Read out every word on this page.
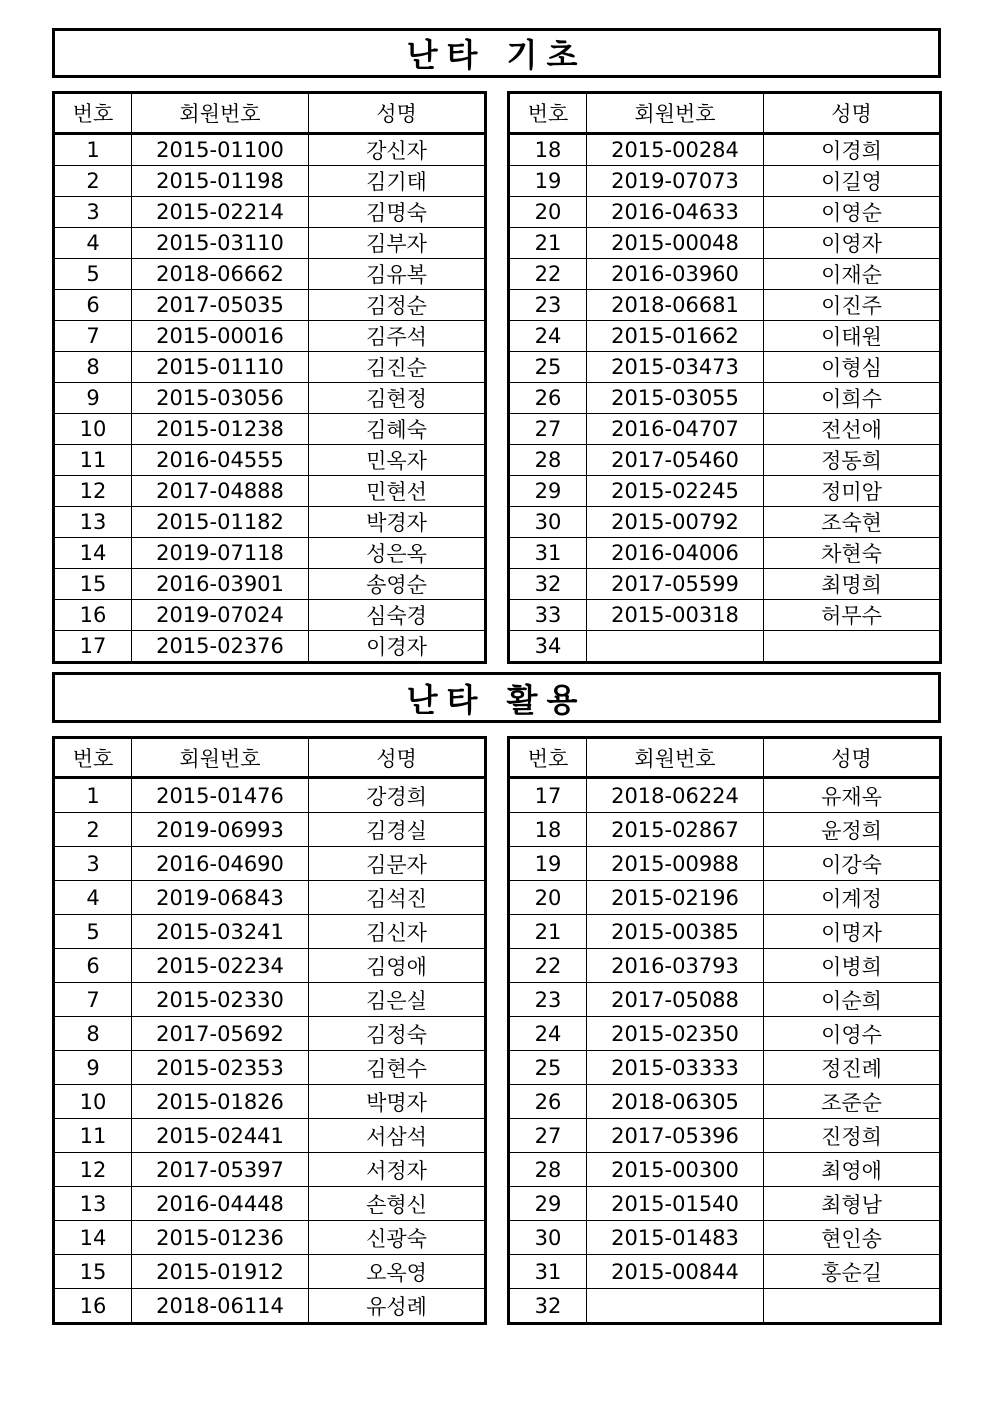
난타 기초
번호	회원번호	성명
1	2015-01100	강신자
2	2015-01198	김기태
3	2015-02214	김명숙
4	2015-03110	김부자
5	2018-06662	김유복
6	2017-05035	김정순
7	2015-00016	김주석
8	2015-01110	김진순
9	2015-03056	김현정
10	2015-01238	김혜숙
11	2016-04555	민옥자
12	2017-04888	민현선
13	2015-01182	박경자
14	2019-07118	성은옥
15	2016-03901	송영순
16	2019-07024	심숙경
17	2015-02376	이경자
번호	회원번호	성명
18	2015-00284	이경희
19	2019-07073	이길영
20	2016-04633	이영순
21	2015-00048	이영자
22	2016-03960	이재순
23	2018-06681	이진주
24	2015-01662	이태원
25	2015-03473	이형심
26	2015-03055	이희수
27	2016-04707	전선애
28	2017-05460	정동희
29	2015-02245	정미암
30	2015-00792	조숙현
31	2016-04006	차현숙
32	2017-05599	최명희
33	2015-00318	허무수
34		
난타 활용
번호	회원번호	성명
1	2015-01476	강경희
2	2019-06993	김경실
3	2016-04690	김문자
4	2019-06843	김석진
5	2015-03241	김신자
6	2015-02234	김영애
7	2015-02330	김은실
8	2017-05692	김정숙
9	2015-02353	김현수
10	2015-01826	박명자
11	2015-02441	서삼석
12	2017-05397	서정자
13	2016-04448	손형신
14	2015-01236	신광숙
15	2015-01912	오옥영
16	2018-06114	유성례
번호	회원번호	성명
17	2018-06224	유재옥
18	2015-02867	윤정희
19	2015-00988	이강숙
20	2015-02196	이계정
21	2015-00385	이명자
22	2016-03793	이병희
23	2017-05088	이순희
24	2015-02350	이영수
25	2015-03333	정진례
26	2018-06305	조준순
27	2017-05396	진정희
28	2015-00300	최영애
29	2015-01540	최형남
30	2015-01483	현인송
31	2015-00844	홍순길
32		
